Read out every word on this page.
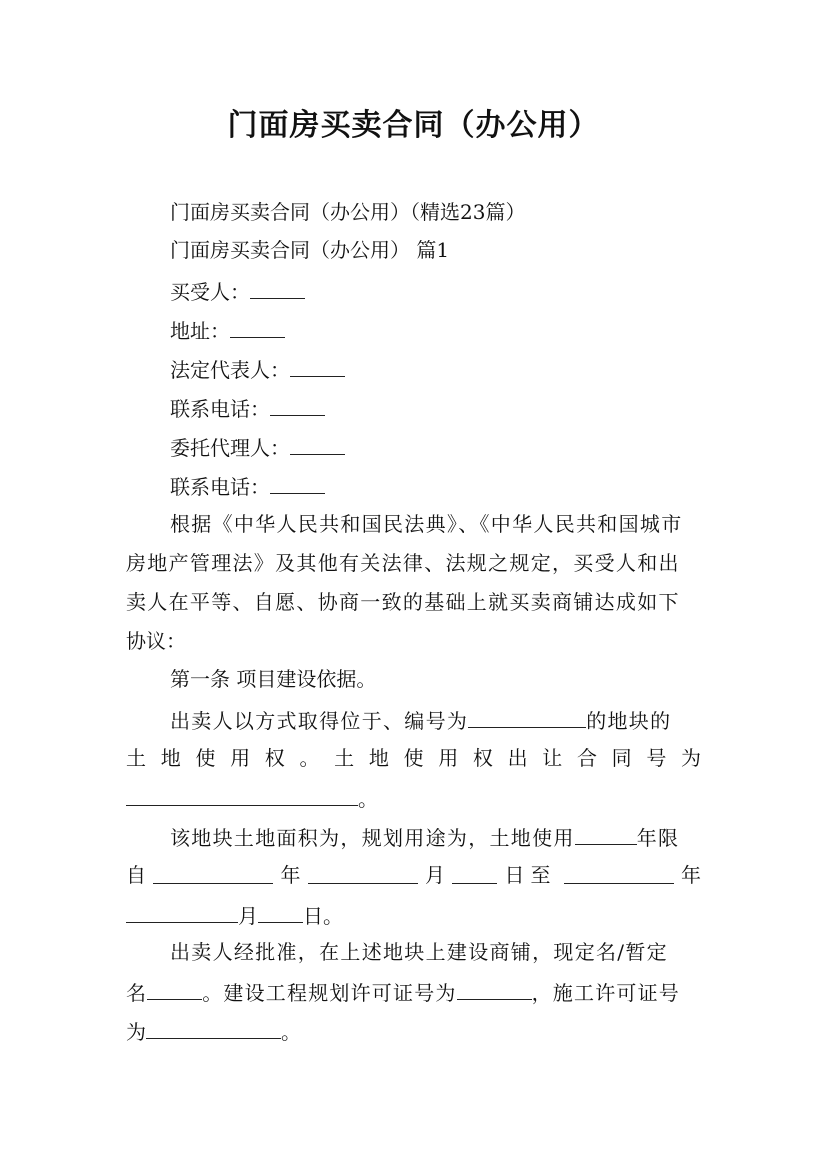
门面房买卖合同（办公用）
门面房买卖合同（办公用）（精选23篇）
门面房买卖合同（办公用） 篇1
买受人：
地址：
法定代表人：
联系电话：
委托代理人：
联系电话：
根据《中华人民共和国民法典》、《中华人民共和国城市
房地产管理法》及其他有关法律、法规之规定，买受人和出
卖人在平等、自愿、协商一致的基础上就买卖商铺达成如下
协议：
第一条 项目建设依据。
出卖人以方式取得位于、编号为	的地块的
土 地 使 用 权 。 土 地 使 用 权 出 让 合 同 号 为
。
该地块土地面积为，规划用途为，土地使用	年限
自	年	月	日至	年
月 日。
出卖人经批准，在上述地块上建设商铺，现定名/暂定
名	。建设工程规划许可证号为	，施工许可证号
为	。
